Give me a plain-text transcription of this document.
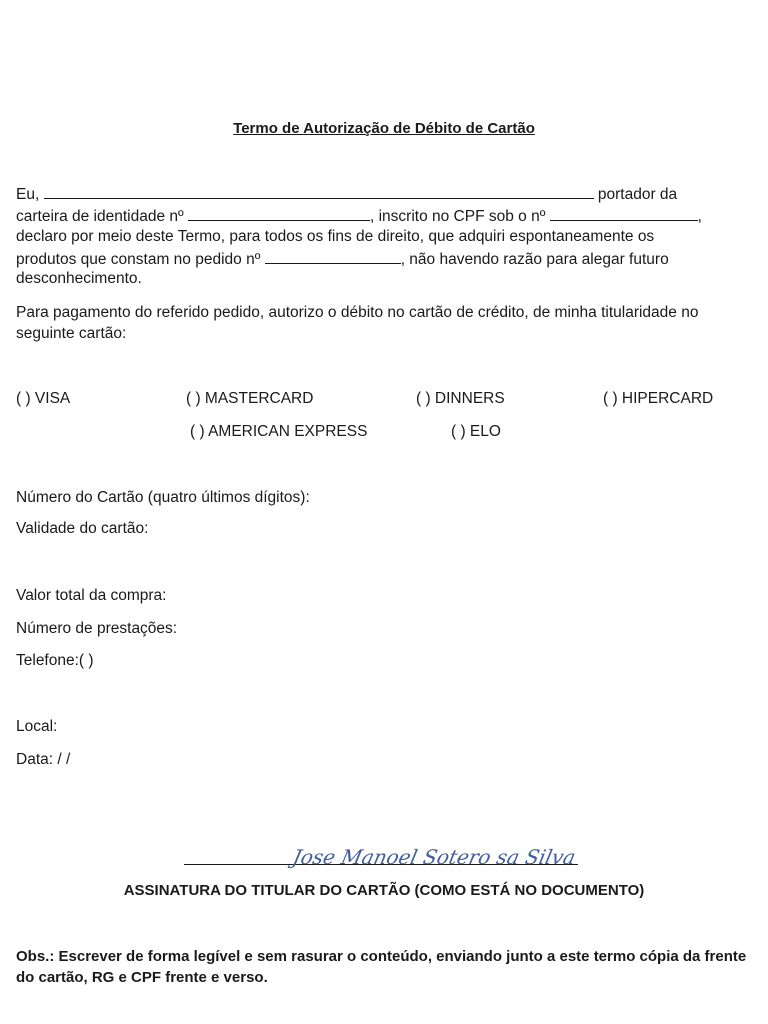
Termo de Autorização de Débito de Cartão
Eu,	portador da
carteira de identidade nº	, inscrito no CPF sob o nº	,
declaro por meio deste Termo, para todos os fins de direito, que adquiri espontaneamente os
produtos que constam no pedido nº	, não havendo razão para alegar futuro
desconhecimento.
Para pagamento do referido pedido, autorizo o débito no cartão de crédito, de minha titularidade no seguinte cartão:
( ) VISA	( ) MASTERCARD	( ) DINNERS	( ) HIPERCARD
( ) AMERICAN EXPRESS	( ) ELO
Número do Cartão (quatro últimos dígitos):
Validade do cartão:
Valor total da compra:
Número de prestações:
Telefone:( )
Local:
Data: / /
Jose Manoel Sotero sa Silva
ASSINATURA DO TITULAR DO CARTÃO (COMO ESTÁ NO DOCUMENTO)
Obs.: Escrever de forma legível e sem rasurar o conteúdo, enviando junto a este termo cópia da frente do cartão, RG e CPF frente e verso.
